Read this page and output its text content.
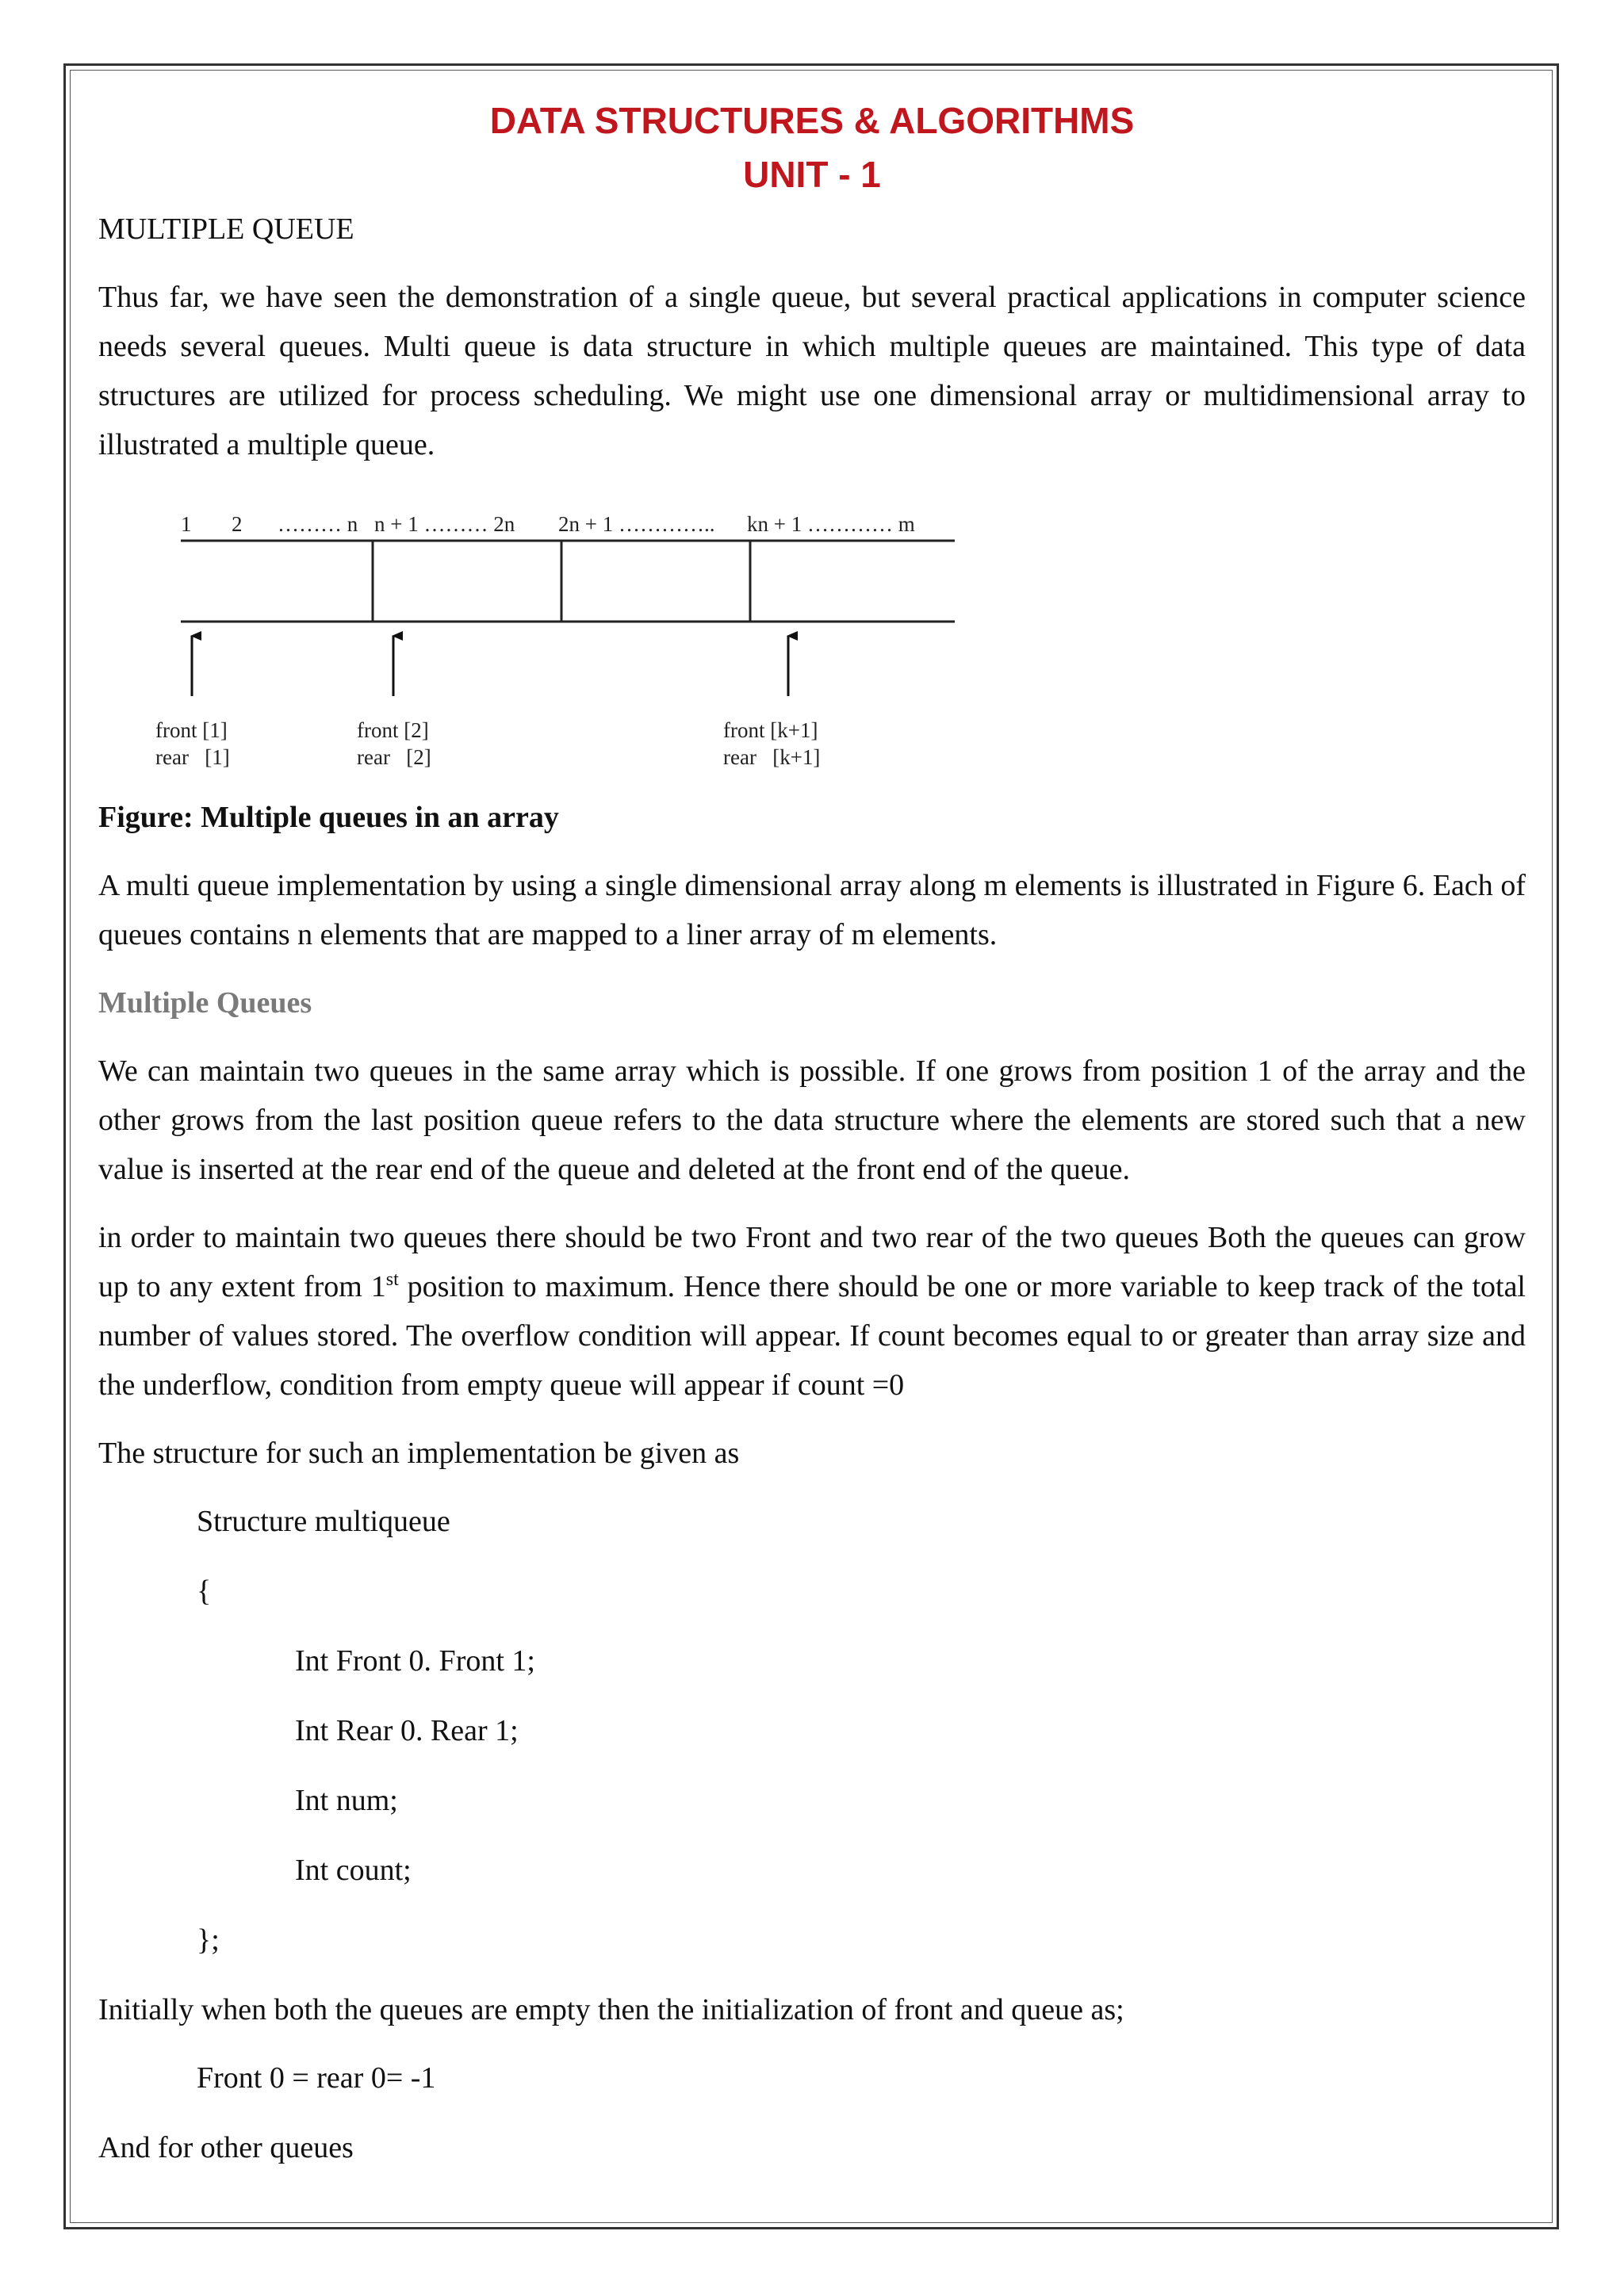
DATA STRUCTURES & ALGORITHMS
UNIT - 1
MULTIPLE QUEUE

Thus far, we have seen the demonstration of a single queue, but several practical applications in computer science needs several queues. Multi queue is data structure in which multiple queues are maintained. This type of data structures are utilized for process scheduling. We might use one dimensional array or multidimensional array to illustrated a multiple queue.

1 2 ……… n n + 1 ……… 2n 2n + 1 ………….. kn + 1 ………… m
front [1]
rear   [1]
front [2]
rear   [2]
front [k+1]
rear   [k+1]
Figure: Multiple queues in an array

A multi queue implementation by using a single dimensional array along m elements is illustrated in Figure 6. Each of queues contains n elements that are mapped to a liner array of m elements.

Multiple Queues

We can maintain two queues in the same array which is possible. If one grows from position 1 of the array and the other grows from the last position queue refers to the data structure where the elements are stored such that a new value is inserted at the rear end of the queue and deleted at the front end of the queue.

in order to maintain two queues there should be two Front and two rear of the two queues Both the queues can grow up to any extent from 1st position to maximum. Hence there should be one or more variable to keep track of the total number of values stored. The overflow condition will appear. If count becomes equal to or greater than array size and the underflow, condition from empty queue will appear if count =0

The structure for such an implementation be given as

Structure multiqueue
{
Int Front 0. Front 1;
Int Rear 0. Rear 1;
Int num;
Int count;
};

Initially when both the queues are empty then the initialization of front and queue as;

Front 0 = rear 0= -1

And for other queues
